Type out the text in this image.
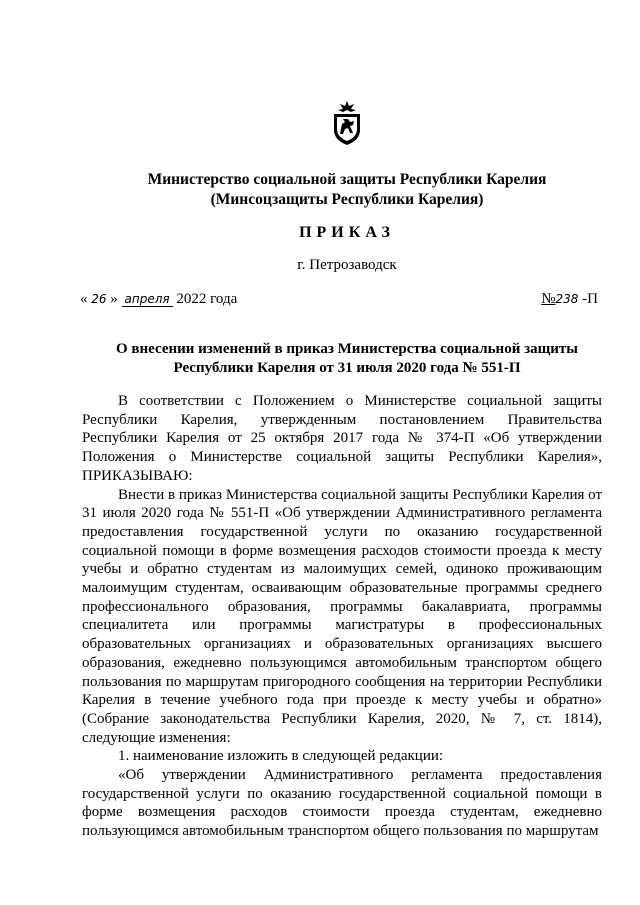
Министерство социальной защиты Республики Карелия
(Минсоцзащиты Республики Карелия)
ПРИКАЗ
г. Петрозаводск
« 26 » апреля 2022 года	№238 -П
О внесении изменений в приказ Министерства социальной защиты
Республики Карелия от 31 июля 2020 года № 551-П

В соответствии с Положением о Министерстве социальной защиты Республики Карелия, утвержденным постановлением Правительства Республики Карелия от 25 октября 2017 года № 374-П «Об утверждении Положения о Министерстве социальной защиты Республики Карелия», ПРИКАЗЫВАЮ:

Внести в приказ Министерства социальной защиты Республики Карелия от 31 июля 2020 года № 551-П «Об утверждении Административного регламента предоставления государственной услуги по оказанию государственной социальной помощи в форме возмещения расходов стоимости проезда к месту учебы и обратно студентам из малоимущих семей, одиноко проживающим малоимущим студентам, осваивающим образовательные программы среднего профессионального образования, программы бакалавриата, программы специалитета или программы магистратуры в профессиональных образовательных организациях и образовательных организациях высшего образования, ежедневно пользующимся автомобильным транспортом общего пользования по маршрутам пригородного сообщения на территории Республики Карелия в течение учебного года при проезде к месту учебы и обратно» (Собрание законодательства Республики Карелия, 2020, № 7, ст. 1814), следующие изменения:

1. наименование изложить в следующей редакции:

«Об утверждении Административного регламента предоставления государственной услуги по оказанию государственной социальной помощи в форме возмещения расходов стоимости проезда студентам, ежедневно пользующимся автомобильным транспортом общего пользования по маршрутам
